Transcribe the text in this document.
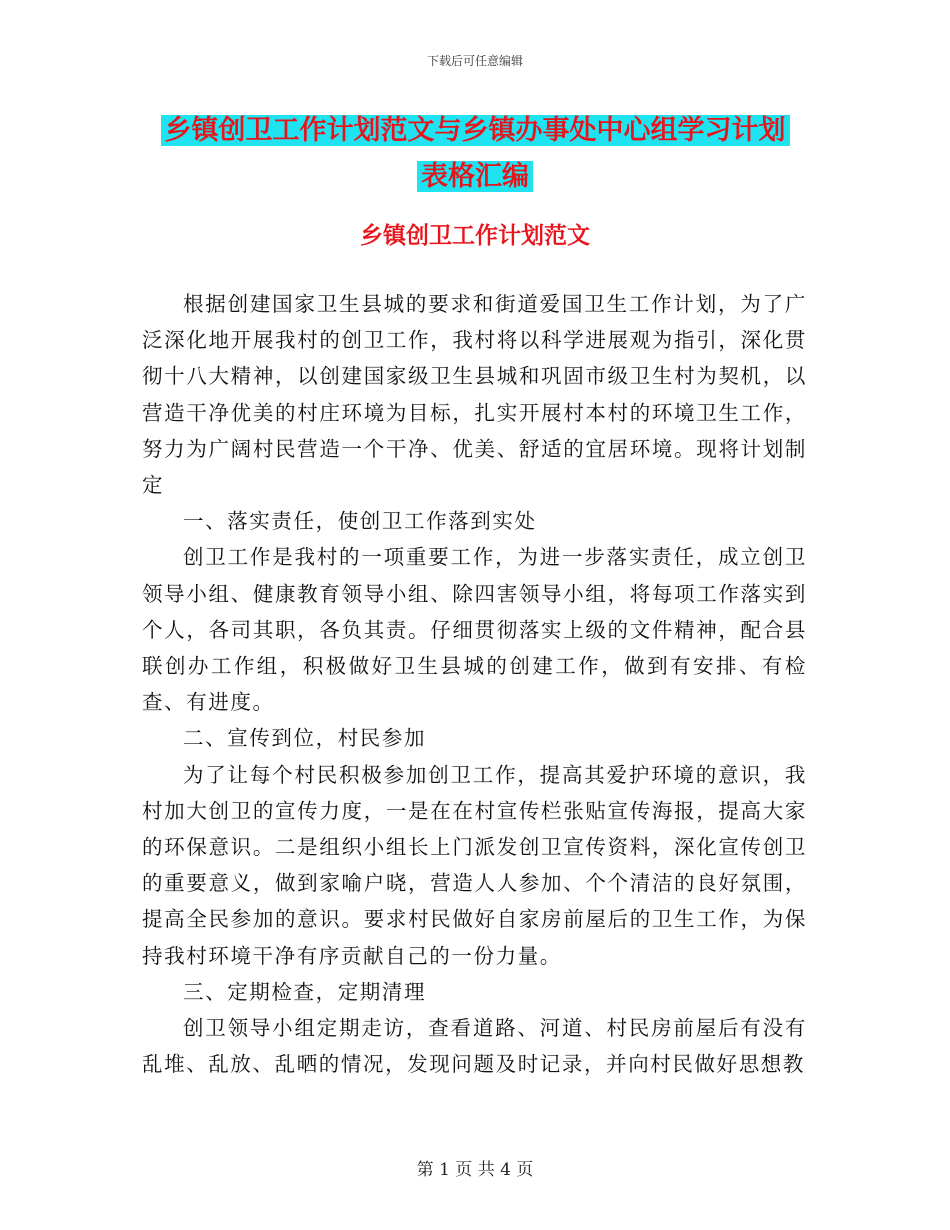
下载后可任意编辑
乡镇创卫工作计划范文与乡镇办事处中心组学习计划
表格汇编
乡镇创卫工作计划范文

根据创建国家卫生县城的要求和街道爱国卫生工作计划，为了广泛深化地开展我村的创卫工作，我村将以科学进展观为指引，深化贯彻十八大精神，以创建国家级卫生县城和巩固市级卫生村为契机，以营造干净优美的村庄环境为目标，扎实开展村本村的环境卫生工作，努力为广阔村民营造一个干净、优美、舒适的宜居环境。现将计划制定

一、落实责任，使创卫工作落到实处

创卫工作是我村的一项重要工作，为进一步落实责任，成立创卫领导小组、健康教育领导小组、除四害领导小组，将每项工作落实到个人，各司其职，各负其责。仔细贯彻落实上级的文件精神，配合县联创办工作组，积极做好卫生县城的创建工作，做到有安排、有检查、有进度。

二、宣传到位，村民参加

为了让每个村民积极参加创卫工作，提高其爱护环境的意识，我村加大创卫的宣传力度，一是在在村宣传栏张贴宣传海报，提高大家的环保意识。二是组织小组长上门派发创卫宣传资料，深化宣传创卫的重要意义，做到家喻户晓，营造人人参加、个个清洁的良好氛围，提高全民参加的意识。要求村民做好自家房前屋后的卫生工作，为保持我村环境干净有序贡献自己的一份力量。

三、定期检查，定期清理

创卫领导小组定期走访，查看道路、河道、村民房前屋后有没有乱堆、乱放、乱晒的情况，发现问题及时记录，并向村民做好思想教

第 1 页 共 4 页
